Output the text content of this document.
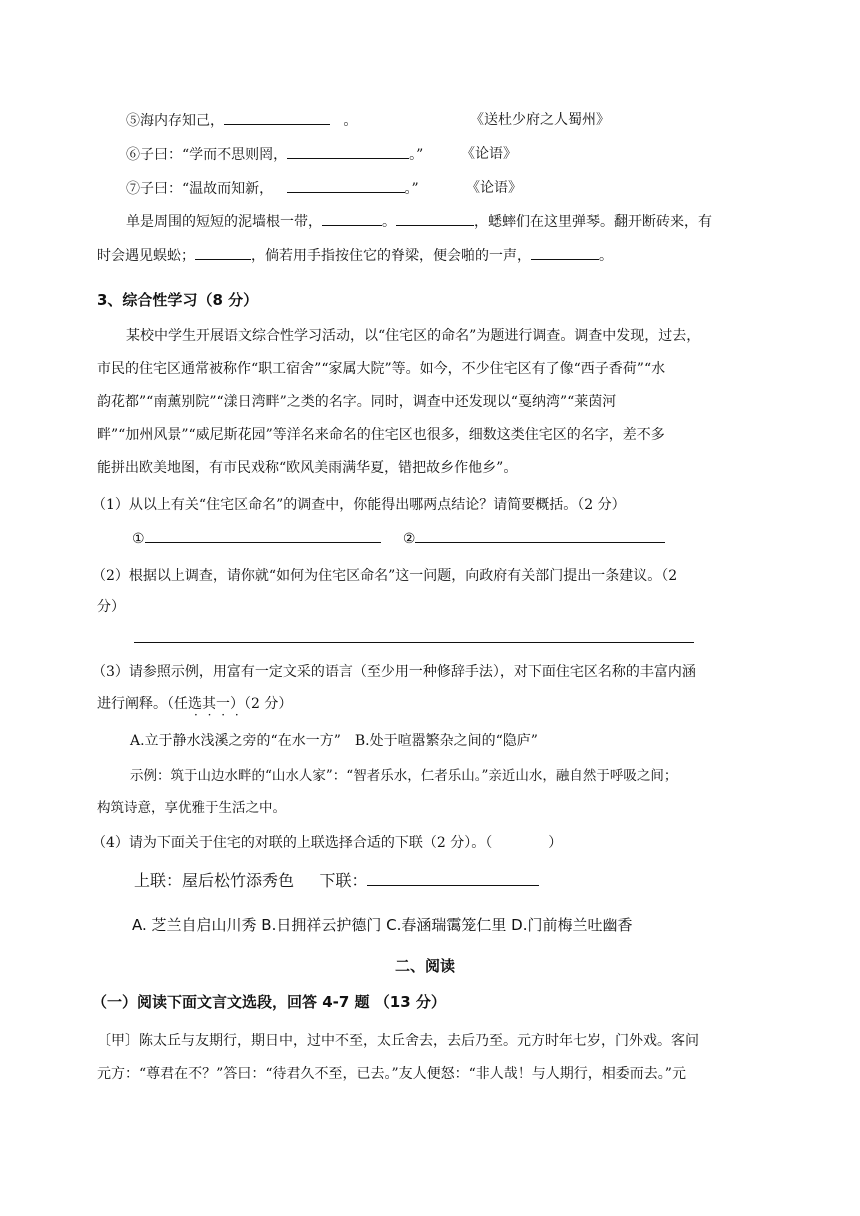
⑤海内存知己，	。	《送杜少府之人蜀州》
⑥子曰：“学而不思则罔，	。”	《论语》
⑦子曰：“温故而知新，	。”	《论语》
单是周围的短短的泥墙根一带，	。	，蟋蟀们在这里弹琴。翻开断砖来，有
时会遇见蜈蚣；	，倘若用手指按住它的脊梁，便会啪的一声，	。
3、综合性学习（8 分）
某校中学生开展语文综合性学习活动，以“住宅区的命名”为题进行调查。调查中发现，过去，
市民的住宅区通常被称作“职工宿舍”“家属大院”等。如今，不少住宅区有了像“西子香荷”“水
韵花都”“南薰别院”“漾日湾畔”之类的名字。同时，调查中还发现以“戛纳湾”“莱茵河
畔”“加州风景”“威尼斯花园”等洋名来命名的住宅区也很多，细数这类住宅区的名字，差不多
能拼出欧美地图，有市民戏称“欧风美雨满华夏，错把故乡作他乡”。
（1）从以上有关“住宅区命名”的调查中，你能得出哪两点结论？请简要概括。（2 分）
①	②
（2）根据以上调查，请你就“如何为住宅区命名”这一问题，向政府有关部门提出一条建议。（2
分）
（3）请参照示例，用富有一定文采的语言（至少用一种修辞手法），对下面住宅区名称的丰富内涵
进行阐释。（任选其一）（2 分）
· · · ·
A.立于静水浅溪之旁的“在水一方”　B.处于喧嚣繁杂之间的“隐庐”
示例：筑于山边水畔的“山水人家”：“智者乐水，仁者乐山。”亲近山水，融自然于呼吸之间；
构筑诗意，享优雅于生活之中。
（4）请为下面关于住宅的对联的上联选择合适的下联（2 分）。（　　　　）
上联：屋后松竹添秀色 下联：
A. 芝兰自启山川秀 B.日拥祥云护德门 C.春涵瑞霭笼仁里 D.门前梅兰吐幽香
二、阅读
（一）阅读下面文言文选段，回答 4-7 题 （13 分）
〔甲〕陈太丘与友期行，期日中，过中不至，太丘舍去，去后乃至。元方时年七岁，门外戏。客问
元方：“尊君在不？”答曰：“待君久不至，已去。”友人便怒：“非人哉！与人期行，相委而去。”元
